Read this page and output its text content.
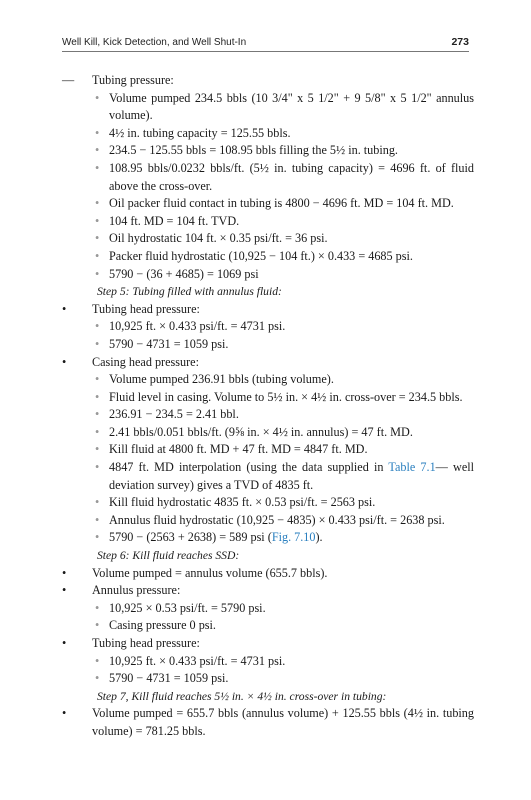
Well Kill, Kick Detection, and Well Shut-In	273
—	Tubing pressure:
• Volume pumped 234.5 bbls (10 3/4" x 5 1/2" + 9 5/8" x 5 1/2" annulus volume).
• 4½ in. tubing capacity = 125.55 bbls.
• 234.5 − 125.55 bbls = 108.95 bbls filling the 5½ in. tubing.
• 108.95 bbls/0.0232 bbls/ft. (5½ in. tubing capacity) = 4696 ft. of fluid above the cross-over.
• Oil packer fluid contact in tubing is 4800 − 4696 ft. MD = 104 ft. MD.
• 104 ft. MD = 104 ft. TVD.
• Oil hydrostatic 104 ft. × 0.35 psi/ft. = 36 psi.
• Packer fluid hydrostatic (10,925 − 104 ft.) × 0.433 = 4685 psi.
• 5790 − (36 + 4685) = 1069 psi
Step 5: Tubing filled with annulus fluid:
•	Tubing head pressure:
• 10,925 ft. × 0.433 psi/ft. = 4731 psi.
• 5790 − 4731 = 1059 psi.
•	Casing head pressure:
• Volume pumped 236.91 bbls (tubing volume).
• Fluid level in casing. Volume to 5½ in. × 4½ in. cross-over = 234.5 bbls.
• 236.91 − 234.5 = 2.41 bbl.
• 2.41 bbls/0.051 bbls/ft. (9⅝ in. × 4½ in. annulus) = 47 ft. MD.
• Kill fluid at 4800 ft. MD + 47 ft. MD = 4847 ft. MD.
• 4847 ft. MD interpolation (using the data supplied in Table 7.1— well deviation survey) gives a TVD of 4835 ft.
• Kill fluid hydrostatic 4835 ft. × 0.53 psi/ft. = 2563 psi.
• Annulus fluid hydrostatic (10,925 − 4835) × 0.433 psi/ft. = 2638 psi.
• 5790 − (2563 + 2638) = 589 psi (Fig. 7.10).
Step 6: Kill fluid reaches SSD:
•	Volume pumped = annulus volume (655.7 bbls).
•	Annulus pressure:
• 10,925 × 0.53 psi/ft. = 5790 psi.
• Casing pressure 0 psi.
•	Tubing head pressure:
• 10,925 ft. × 0.433 psi/ft. = 4731 psi.
• 5790 − 4731 = 1059 psi.
Step 7, Kill fluid reaches 5½ in. × 4½ in. cross-over in tubing:
•	Volume pumped = 655.7 bbls (annulus volume) + 125.55 bbls (4½ in. tubing volume) = 781.25 bbls.
